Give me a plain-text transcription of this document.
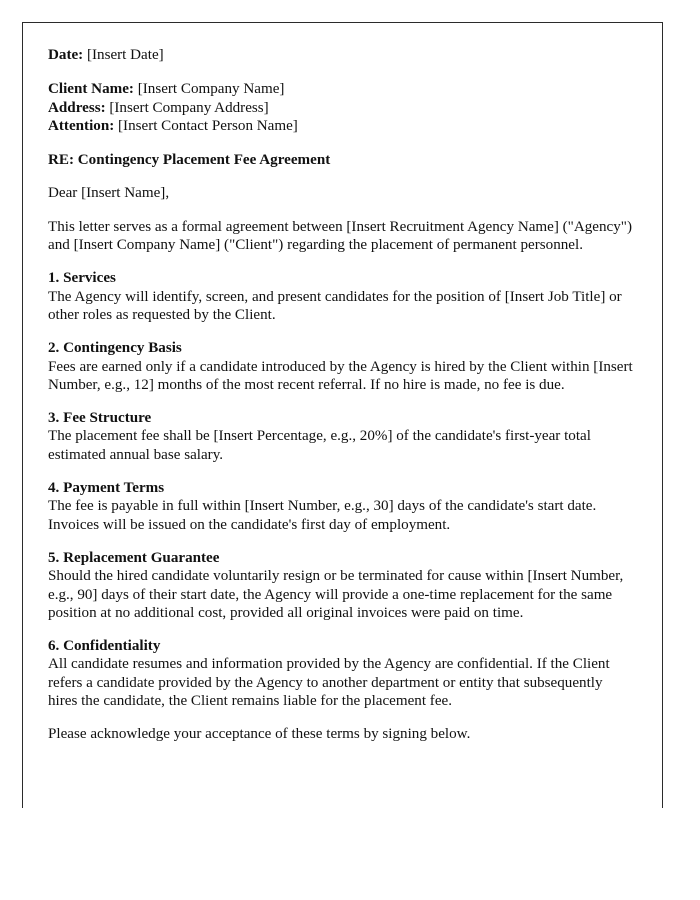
Date: [Insert Date]
Client Name: [Insert Company Name]
Address: [Insert Company Address]
Attention: [Insert Contact Person Name]
RE: Contingency Placement Fee Agreement
Dear [Insert Name],
This letter serves as a formal agreement between [Insert Recruitment Agency Name] ("Agency") and [Insert Company Name] ("Client") regarding the placement of permanent personnel.
1. Services
The Agency will identify, screen, and present candidates for the position of [Insert Job Title] or other roles as requested by the Client.
2. Contingency Basis
Fees are earned only if a candidate introduced by the Agency is hired by the Client within [Insert Number, e.g., 12] months of the most recent referral. If no hire is made, no fee is due.
3. Fee Structure
The placement fee shall be [Insert Percentage, e.g., 20%] of the candidate's first-year total estimated annual base salary.
4. Payment Terms
The fee is payable in full within [Insert Number, e.g., 30] days of the candidate's start date. Invoices will be issued on the candidate's first day of employment.
5. Replacement Guarantee
Should the hired candidate voluntarily resign or be terminated for cause within [Insert Number, e.g., 90] days of their start date, the Agency will provide a one-time replacement for the same position at no additional cost, provided all original invoices were paid on time.
6. Confidentiality
All candidate resumes and information provided by the Agency are confidential. If the Client refers a candidate provided by the Agency to another department or entity that subsequently hires the candidate, the Client remains liable for the placement fee.
Please acknowledge your acceptance of these terms by signing below.
